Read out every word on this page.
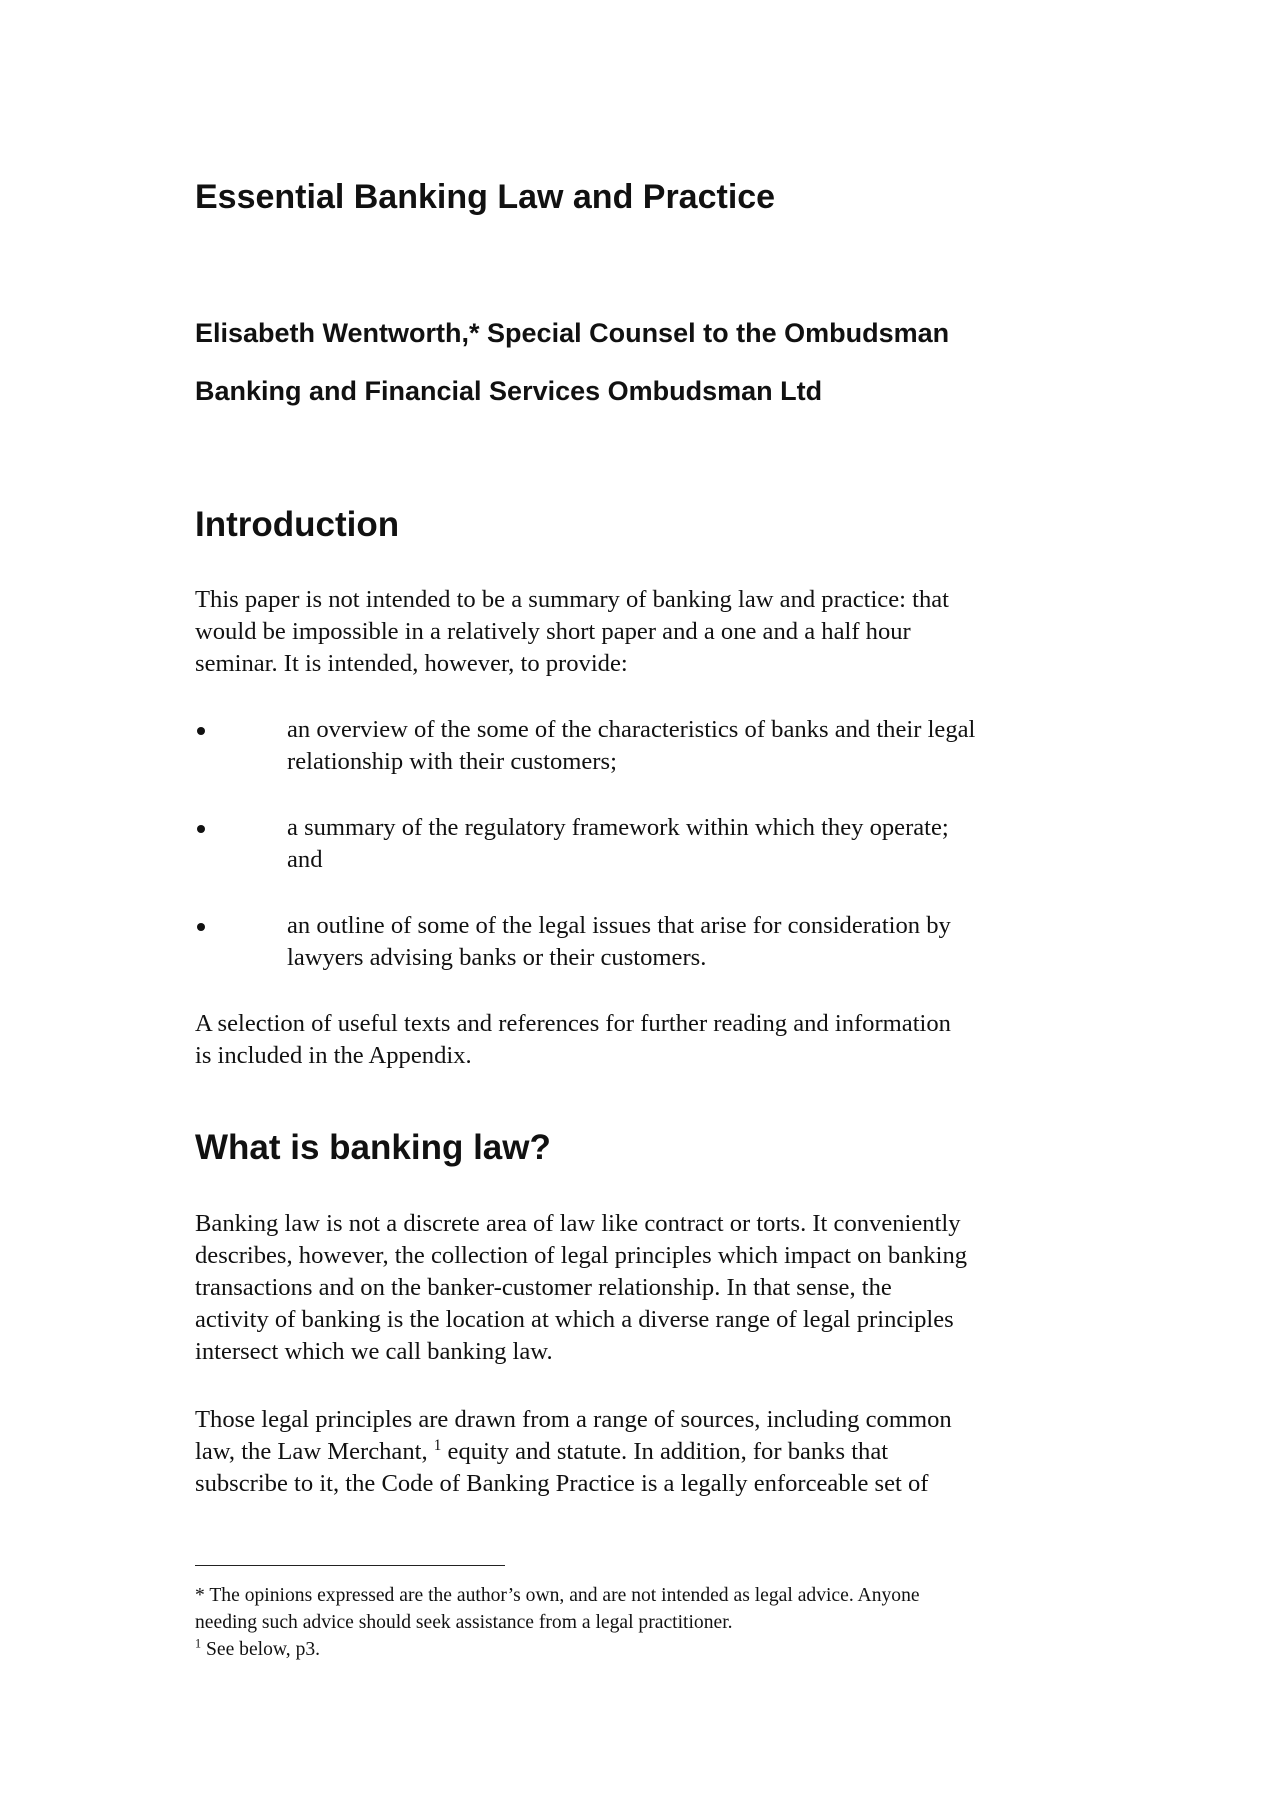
Essential Banking Law and Practice

Elisabeth Wentworth,* Special Counsel to the Ombudsman

Banking and Financial Services Ombudsman Ltd

Introduction

This paper is not intended to be a summary of banking law and practice: that
would be impossible in a relatively short paper and a one and a half hour
seminar. It is intended, however, to provide:

an overview of the some of the characteristics of banks and their legal
relationship with their customers;
a summary of the regulatory framework within which they operate;
and
an outline of some of the legal issues that arise for consideration by
lawyers advising banks or their customers.

A selection of useful texts and references for further reading and information
is included in the Appendix.

What is banking law?

Banking law is not a discrete area of law like contract or torts. It conveniently
describes, however, the collection of legal principles which impact on banking
transactions and on the banker-customer relationship. In that sense, the
activity of banking is the location at which a diverse range of legal principles
intersect which we call banking law.

Those legal principles are drawn from a range of sources, including common
law, the Law Merchant, $^1$ equity and statute. In addition, for banks that
subscribe to it, the Code of Banking Practice is a legally enforceable set of

* The opinions expressed are the author’s own, and are not intended as legal advice. Anyone
needing such advice should seek assistance from a legal practitioner.

$^1$ See below, p3.
